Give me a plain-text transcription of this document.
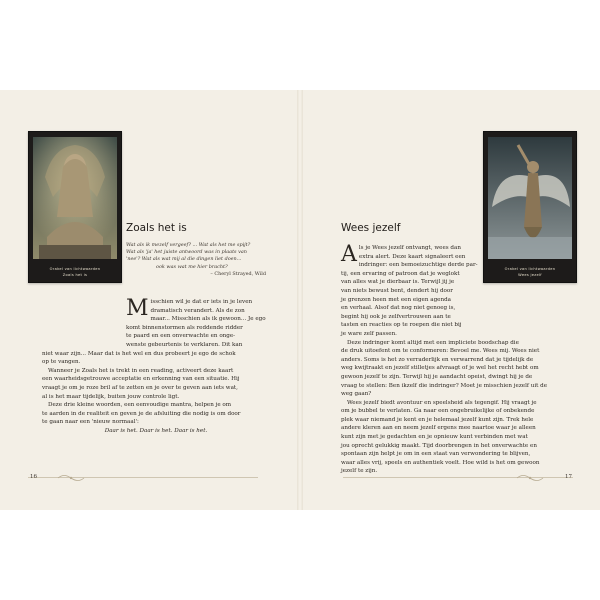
Orakel van lichtwaarden
Zoals het is
Zoals het is
Wat als ik mezelf vergeef? ... Wat als het me spijt?
Wat als 'ja' het juiste antwoord was in plaats van
'nee'? Wat als wat mij al die dingen liet doen...
ook was wat me hier bracht?
– Cheryl Strayed, Wild
M isschien wil je dat er iets in je leven
dramatisch verandert. Als de zon
maar... Misschien als ik gewoon... Je ego
komt binnenstormen als reddende ridder
te paard en een onverwachte en onge-
wenste gebeurtenis te verklaren. Dit kan
niet waar zijn... Maar dat is het wel en dus probeert je ego de schok
op te vangen.
Wanneer je Zoals het is trekt in een reading, activeert deze kaart
een waarheidsgetrouwe acceptatie en erkenning van een situatie. Hij
vraagt je om je roze bril af te zetten en je over te geven aan iets wat,
al is het maar tijdelijk, buiten jouw controle ligt.
Deze drie kleine woorden, een eenvoudige mantra, helpen je om
te aarden in de realiteit en geven je de afsluiting die nodig is om door
te gaan naar een 'nieuw normaal':
Daar is het. Daar is het. Daar is het.
16
Wees jezelf
Orakel van lichtwaarden
Wees jezelf
A ls je Wees jezelf ontvangt, wees dan
extra alert. Deze kaart signaleert een
indringer: een bemoeizuchtige derde par-
tij, een ervaring of patroon dat je weglokt
van alles wat je dierbaar is. Terwijl jij je
van niets bewust bent, dendert hij door
je grenzen heen met een eigen agenda
en verhaal. Alsof dat nog niet genoeg is,
begint hij ook je zelfvertrouwen aan te
tasten en reacties op te roepen die niet bij
je ware zelf passen.
Deze indringer komt altijd met een impliciete boodschap die
de druk uitoefent om te conformeren: Bevoel me. Wees mij. Wees niet
anders. Soms is het zo verraderlijk en verwarrend dat je tijdelijk de
weg kwijtraakt en jezelf stilletjes afvraagt of je wel het recht hebt om
gewoon jezelf te zijn. Terwijl hij je aandacht opeist, dwingt hij je de
vraag te stellen: Ben ikzelf die indringer? Moet je misschien jezelf uit de
weg gaan?
Wees jezelf biedt avontuur en speelsheid als tegengif. Hij vraagt je
om je bubbel te verlaten. Ga naar een ongebruikelijke of onbekende
plek waar niemand je kent en je helemaal jezelf kunt zijn. Trek hele
andere kleren aan en neem jezelf ergens mee naartoe waar je alleen
kunt zijn met je gedachten en je opnieuw kunt verbinden met wat
jou oprecht gelukkig maakt. Tijd doorbrengen in het onverwachte en
spontaan zijn helpt je om in een staat van verwondering te blijven,
waar alles vrij, speels en authentiek voelt. Hoe wild is het om gewoon
jezelf te zijn.
17
